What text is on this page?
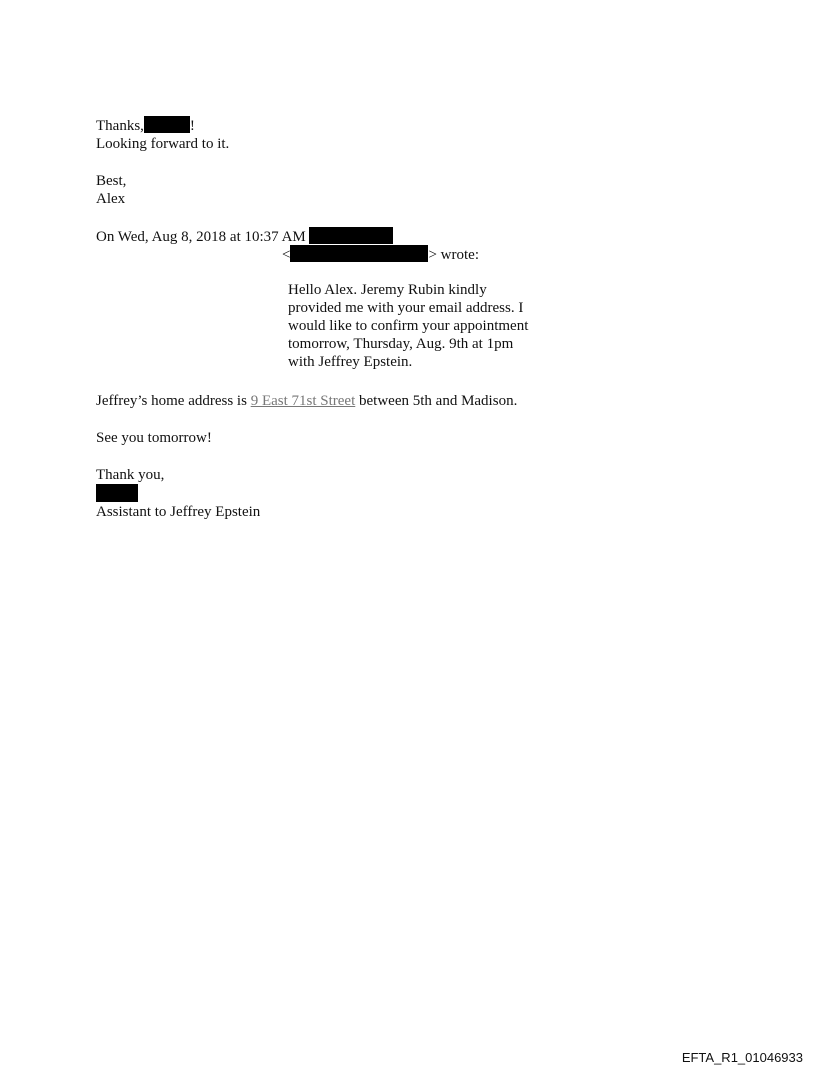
Thanks,	!
Looking forward to it.
Best,
Alex
On Wed, Aug 8, 2018 at 10:37 AM
<	> wrote:
Hello Alex. Jeremy Rubin kindly
provided me with your email address. I
would like to confirm your appointment
tomorrow, Thursday, Aug. 9th at 1pm
with Jeffrey Epstein.
Jeffrey’s home address is 9 East 71st Street between 5th and Madison.
See you tomorrow!
Thank you,
Assistant to Jeffrey Epstein
EFTA_R1_01046933
